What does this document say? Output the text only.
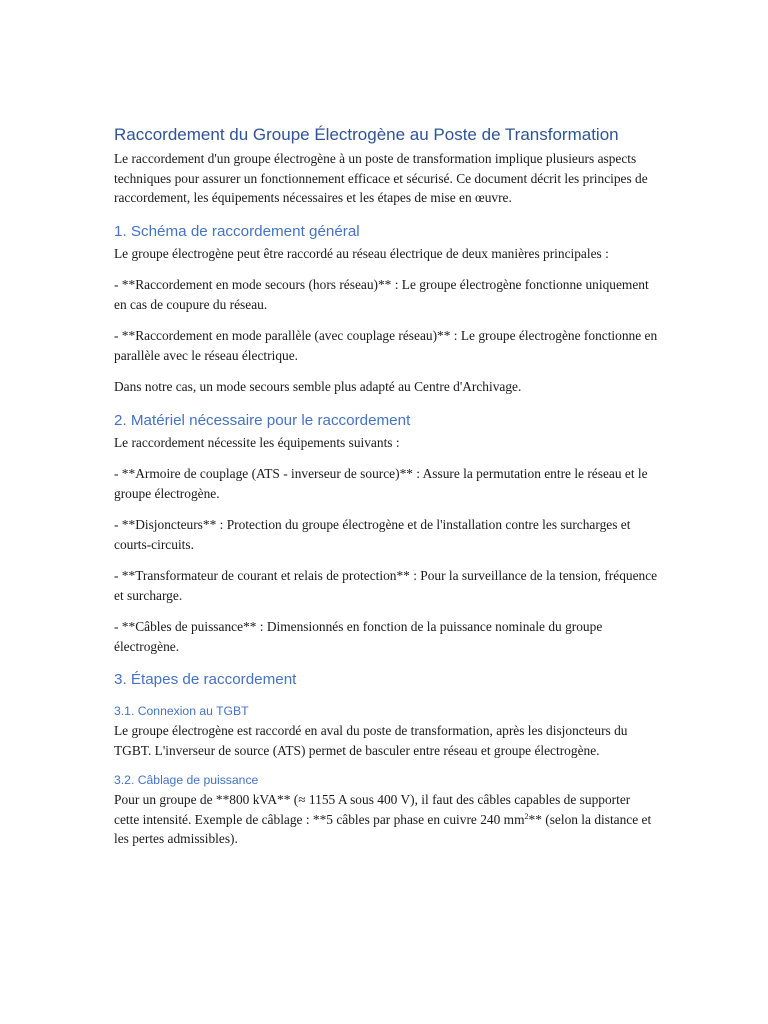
Raccordement du Groupe Électrogène au Poste de Transformation

Le raccordement d'un groupe électrogène à un poste de transformation implique plusieurs aspects techniques pour assurer un fonctionnement efficace et sécurisé. Ce document décrit les principes de raccordement, les équipements nécessaires et les étapes de mise en œuvre.

1. Schéma de raccordement général

Le groupe électrogène peut être raccordé au réseau électrique de deux manières principales :

- **Raccordement en mode secours (hors réseau)** : Le groupe électrogène fonctionne uniquement en cas de coupure du réseau.

- **Raccordement en mode parallèle (avec couplage réseau)** : Le groupe électrogène fonctionne en parallèle avec le réseau électrique.

Dans notre cas, un mode secours semble plus adapté au Centre d'Archivage.

2. Matériel nécessaire pour le raccordement

Le raccordement nécessite les équipements suivants :

- **Armoire de couplage (ATS - inverseur de source)** : Assure la permutation entre le réseau et le groupe électrogène.

- **Disjoncteurs** : Protection du groupe électrogène et de l'installation contre les surcharges et courts-circuits.

- **Transformateur de courant et relais de protection** : Pour la surveillance de la tension, fréquence et surcharge.

- **Câbles de puissance** : Dimensionnés en fonction de la puissance nominale du groupe électrogène.

3. Étapes de raccordement
3.1. Connexion au TGBT

Le groupe électrogène est raccordé en aval du poste de transformation, après les disjoncteurs du TGBT. L'inverseur de source (ATS) permet de basculer entre réseau et groupe électrogène.

3.2. Câblage de puissance

Pour un groupe de **800 kVA** (≈ 1155 A sous 400 V), il faut des câbles capables de supporter cette intensité. Exemple de câblage : **5 câbles par phase en cuivre 240 $mm^2**$ (selon la distance et les pertes admissibles).
